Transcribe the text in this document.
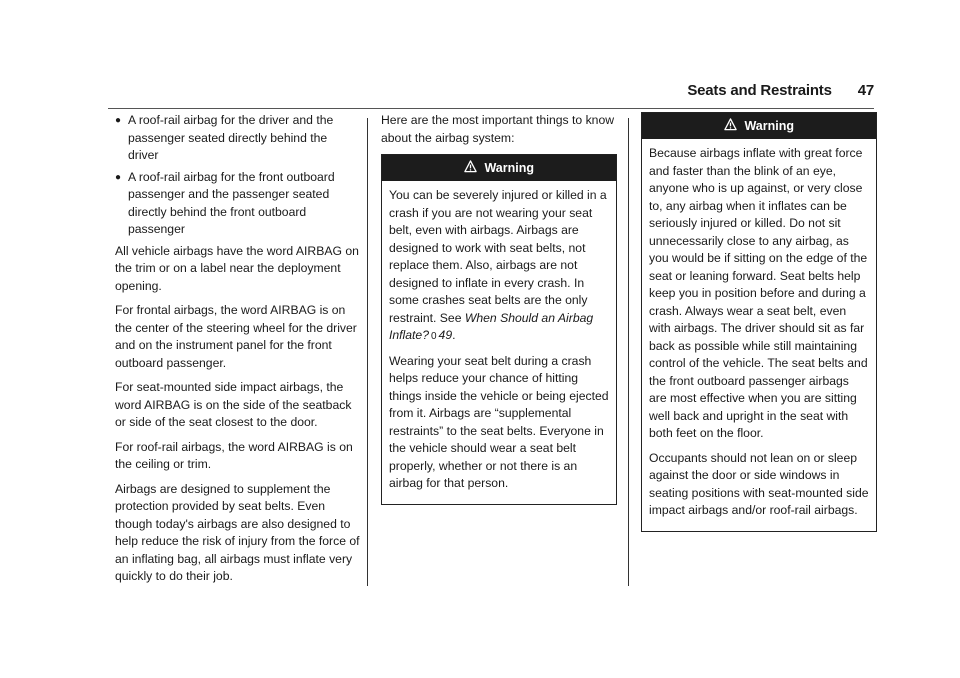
Seats and Restraints 47
● A roof-rail airbag for the driver and the passenger seated directly behind the driver
● A roof-rail airbag for the front outboard passenger and the passenger seated directly behind the front outboard passenger

All vehicle airbags have the word AIRBAG on the trim or on a label near the deployment opening.

For frontal airbags, the word AIRBAG is on the center of the steering wheel for the driver and on the instrument panel for the front outboard passenger.

For seat-mounted side impact airbags, the word AIRBAG is on the side of the seatback or side of the seat closest to the door.

For roof-rail airbags, the word AIRBAG is on the ceiling or trim.

Airbags are designed to supplement the protection provided by seat belts. Even though today's airbags are also designed to help reduce the risk of injury from the force of an inflating bag, all airbags must inflate very quickly to do their job.

Here are the most important things to know about the airbag system:

Warning

You can be severely injured or killed in a crash if you are not wearing your seat belt, even with airbags. Airbags are designed to work with seat belts, not replace them. Also, airbags are not designed to inflate in every crash. In some crashes seat belts are the only restraint. See When Should an Airbag Inflate? 0 49.

Wearing your seat belt during a crash helps reduce your chance of hitting things inside the vehicle or being ejected from it. Airbags are “supplemental restraints” to the seat belts. Everyone in the vehicle should wear a seat belt properly, whether or not there is an airbag for that person.

Warning

Because airbags inflate with great force and faster than the blink of an eye, anyone who is up against, or very close to, any airbag when it inflates can be seriously injured or killed. Do not sit unnecessarily close to any airbag, as you would be if sitting on the edge of the seat or leaning forward. Seat belts help keep you in position before and during a crash. Always wear a seat belt, even with airbags. The driver should sit as far back as possible while still maintaining control of the vehicle. The seat belts and the front outboard passenger airbags are most effective when you are sitting well back and upright in the seat with both feet on the floor.

Occupants should not lean on or sleep against the door or side windows in seating positions with seat-mounted side impact airbags and/or roof-rail airbags.
